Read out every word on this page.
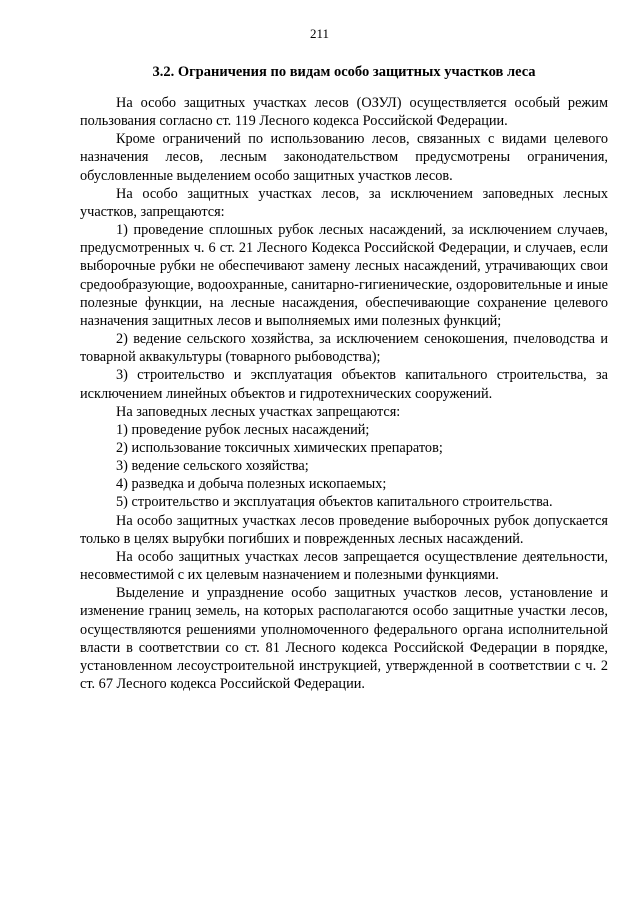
211
3.2. Ограничения по видам особо защитных участков леса

На особо защитных участках лесов (ОЗУЛ) осуществляется особый режим пользования согласно ст. 119 Лесного кодекса Российской Федерации.

Кроме ограничений по использованию лесов, связанных с видами целевого назначения лесов, лесным законодательством предусмотрены ограничения, обусловленные выделением особо защитных участков лесов.

На особо защитных участках лесов, за исключением заповедных лесных участков, запрещаются:

1) проведение сплошных рубок лесных насаждений, за исключением случаев, предусмотренных ч. 6 ст. 21 Лесного Кодекса Российской Федерации, и случаев, если выборочные рубки не обеспечивают замену лесных насаждений, утрачивающих свои средообразующие, водоохранные, санитарно-гигиенические, оздоровительные и иные полезные функции, на лесные насаждения, обеспечивающие сохранение целевого назначения защитных лесов и выполняемых ими полезных функций;

2) ведение сельского хозяйства, за исключением сенокошения, пчеловодства и товарной аквакультуры (товарного рыбоводства);

3) строительство и эксплуатация объектов капитального строительства, за исключением линейных объектов и гидротехнических сооружений.

На заповедных лесных участках запрещаются:

1) проведение рубок лесных насаждений;

2) использование токсичных химических препаратов;

3) ведение сельского хозяйства;

4) разведка и добыча полезных ископаемых;

5) строительство и эксплуатация объектов капитального строительства.

На особо защитных участках лесов проведение выборочных рубок допускается только в целях вырубки погибших и поврежденных лесных насаждений.

На особо защитных участках лесов запрещается осуществление деятельности, несовместимой с их целевым назначением и полезными функциями.

Выделение и упразднение особо защитных участков лесов, установление и изменение границ земель, на которых располагаются особо защитные участки лесов, осуществляются решениями уполномоченного федерального органа исполнительной власти в соответствии со ст. 81 Лесного кодекса Российской Федерации в порядке, установленном лесоустроительной инструкцией, утвержденной в соответствии с ч. 2 ст. 67 Лесного кодекса Российской Федерации.
